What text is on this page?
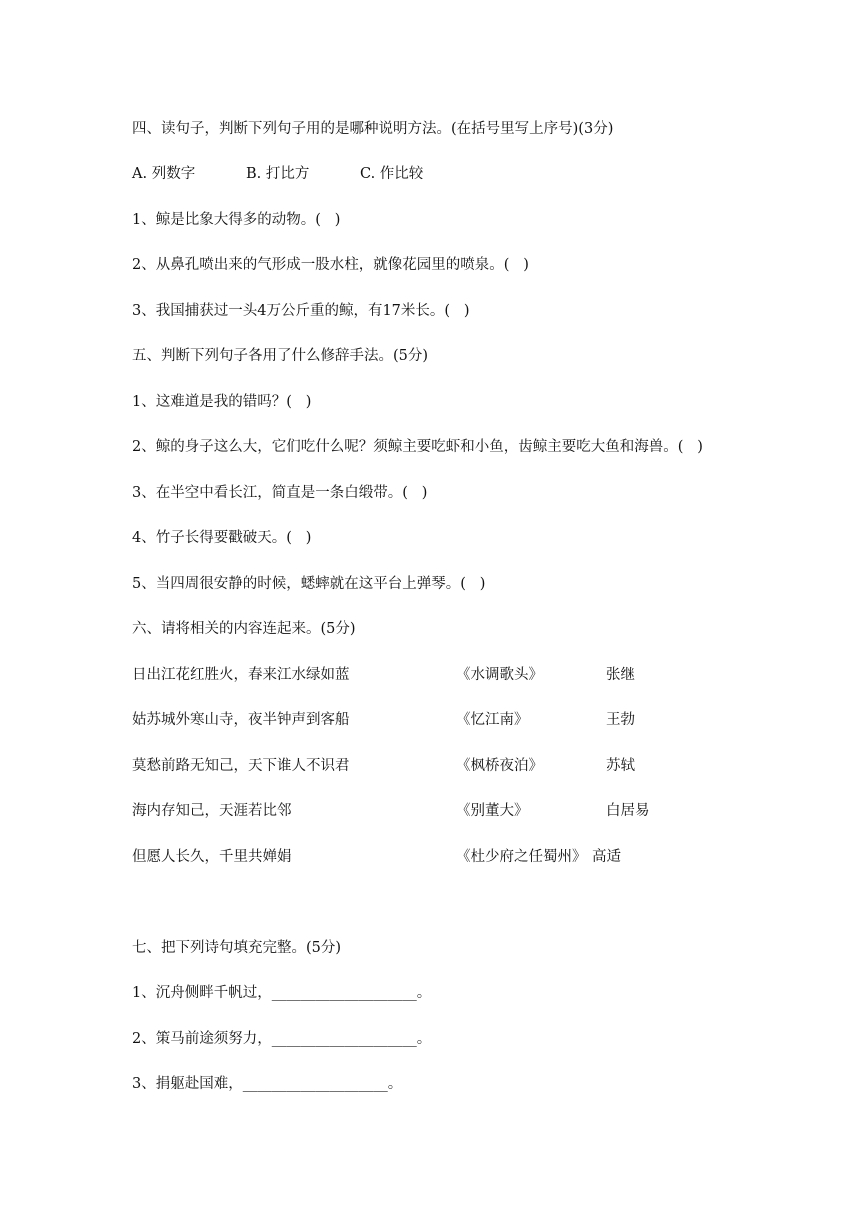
四、读句子，判断下列句子用的是哪种说明方法。(在括号里写上序号)(3分)
A. 列数字	B. 打比方	C. 作比较
1、鲸是比象大得多的动物。(   )
2、从鼻孔喷出来的气形成一股水柱，就像花园里的喷泉。(   )
3、我国捕获过一头4万公斤重的鲸，有17米长。(   )
五、判断下列句子各用了什么修辞手法。(5分)
1、这难道是我的错吗？(   )
2、鲸的身子这么大，它们吃什么呢？须鲸主要吃虾和小鱼，齿鲸主要吃大鱼和海兽。(   )
3、在半空中看长江，简直是一条白缎带。(   )
4、竹子长得要戳破天。(   )
5、当四周很安静的时候，蟋蟀就在这平台上弹琴。(   )
六、请将相关的内容连起来。(5分)
日出江花红胜火，春来江水绿如蓝	《水调歌头》	张继
姑苏城外寒山寺，夜半钟声到客船	《忆江南》	王勃
莫愁前路无知己，天下谁人不识君	《枫桥夜泊》	苏轼
海内存知己，天涯若比邻	《别董大》	白居易
但愿人长久，千里共婵娟	《杜少府之任蜀州》 高适
七、把下列诗句填充完整。(5分)
1、沉舟侧畔千帆过，____________________。
2、策马前途须努力，____________________。
3、捐躯赴国难，____________________。
